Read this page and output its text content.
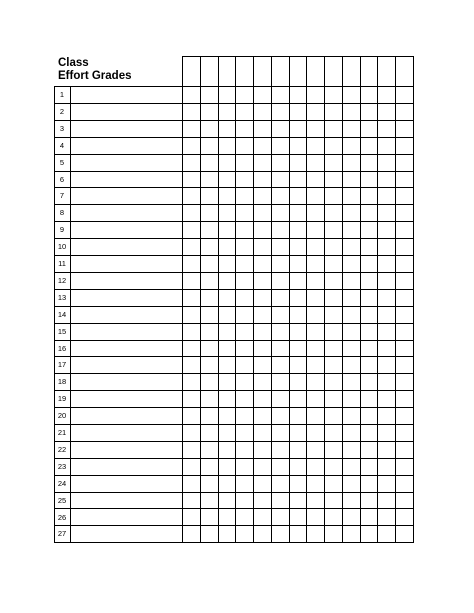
Class
Effort Grades
1
2
3
4
5
6
7
8
9
10
11
12
13
14
15
16
17
18
19
20
21
22
23
24
25
26
27
